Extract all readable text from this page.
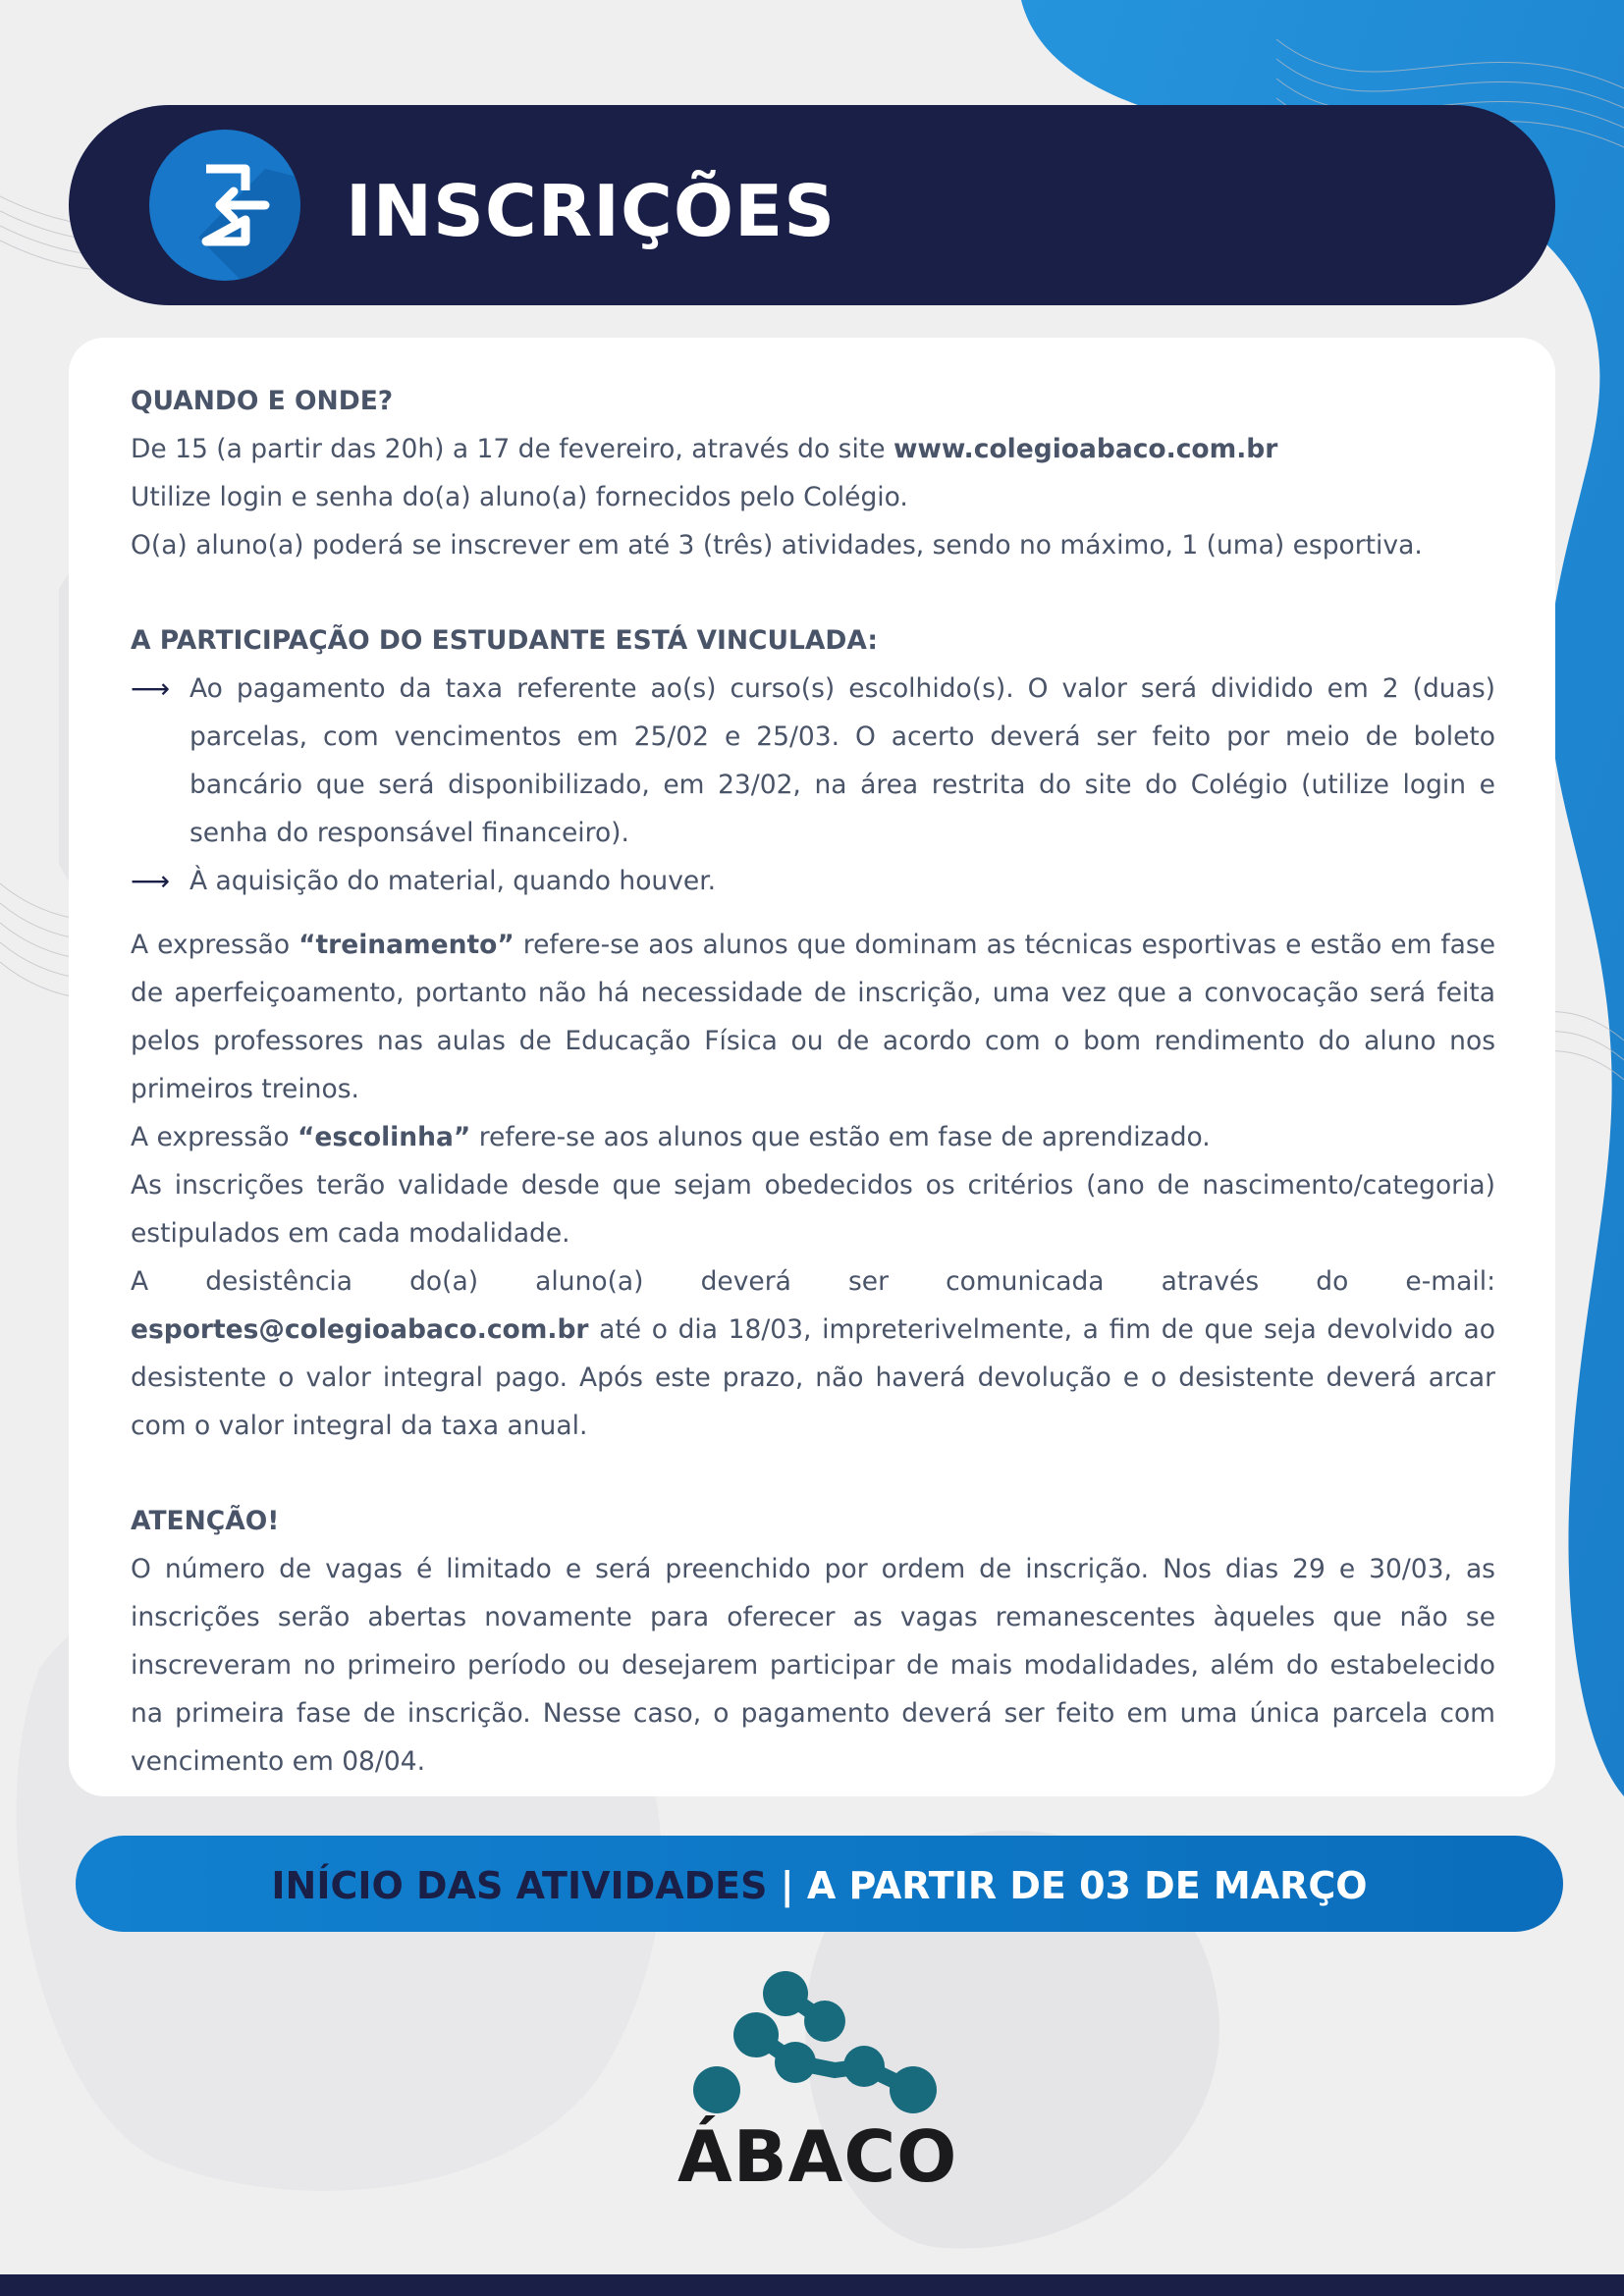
INSCRIÇÕES

QUANDO E ONDE?

De 15 (a partir das 20h) a 17 de fevereiro, através do site www.colegioabaco.com.br

Utilize login e senha do(a) aluno(a) fornecidos pelo Colégio.

O(a) aluno(a) poderá se inscrever em até 3 (três) atividades, sendo no máximo, 1 (uma) esportiva.

A PARTICIPAÇÃO DO ESTUDANTE ESTÁ VINCULADA:

⟶ Ao pagamento da taxa referente ao(s) curso(s) escolhido(s). O valor será dividido em 2 (duas) parcelas, com vencimentos em 25/02 e 25/03. O acerto deverá ser feito por meio de boleto bancário que será disponibilizado, em 23/02, na área restrita do site do Colégio (utilize login e senha do responsável financeiro).

⟶ À aquisição do material, quando houver.

A expressão “treinamento” refere-se aos alunos que dominam as técnicas esportivas e estão em fase de aperfeiçoamento, portanto não há necessidade de inscrição, uma vez que a convocação será feita pelos professores nas aulas de Educação Física ou de acordo com o bom rendimento do aluno nos primeiros treinos.

A expressão “escolinha” refere-se aos alunos que estão em fase de aprendizado.

As inscrições terão validade desde que sejam obedecidos os critérios (ano de nascimento/categoria) estipulados em cada modalidade.

A desistência do(a) aluno(a) deverá ser comunicada através do e-mail:

esportes@colegioabaco.com.br até o dia 18/03, impreterivelmente, a fim de que seja devolvido ao desistente o valor integral pago. Após este prazo, não haverá devolução e o desistente deverá arcar com o valor integral da taxa anual.

ATENÇÃO!

O número de vagas é limitado e será preenchido por ordem de inscrição. Nos dias 29 e 30/03, as inscrições serão abertas novamente para oferecer as vagas remanescentes àqueles que não se inscreveram no primeiro período ou desejarem participar de mais modalidades, além do estabelecido na primeira fase de inscrição. Nesse caso, o pagamento deverá ser feito em uma única parcela com vencimento em 08/04.

INÍCIO DAS ATIVIDADES | A PARTIR DE 03 DE MARÇO
ÁBACO
